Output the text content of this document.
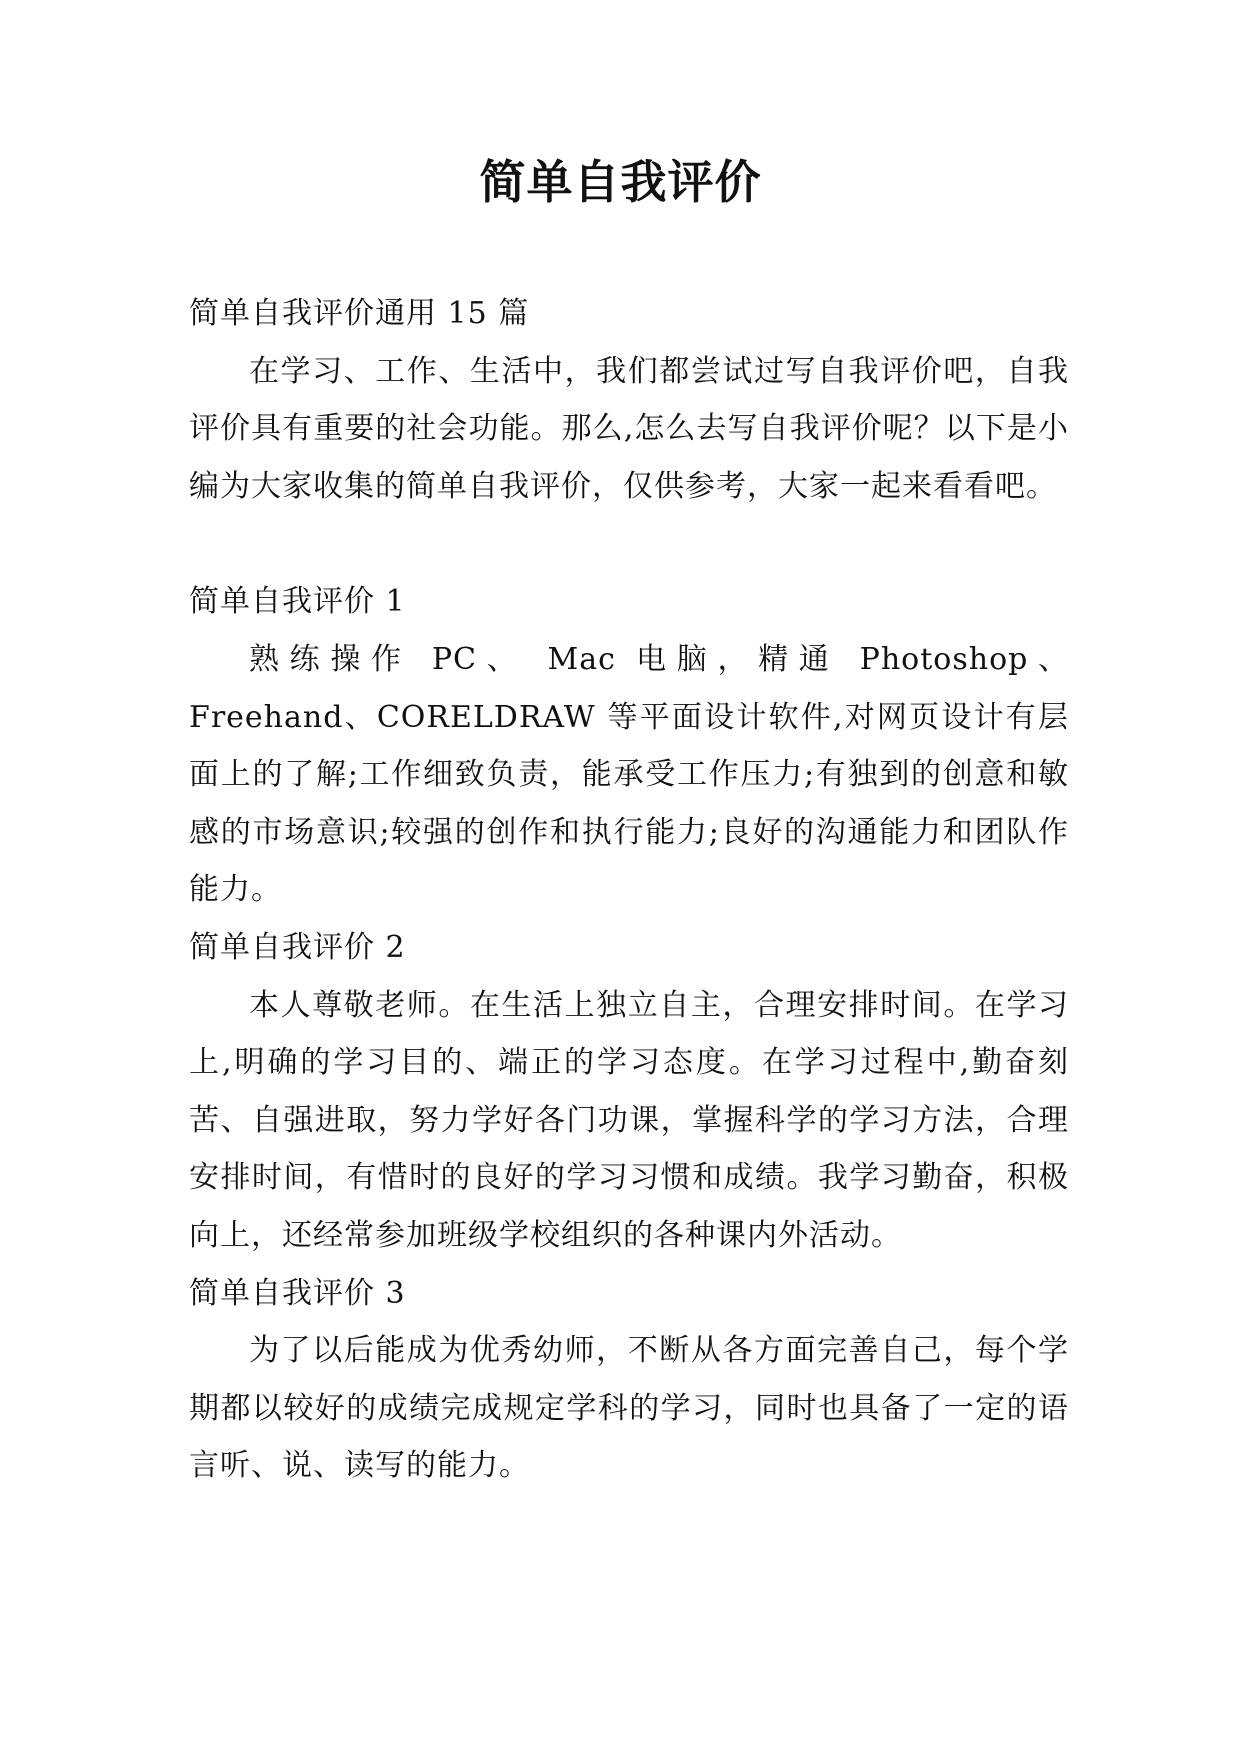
简单自我评价

简单自我评价通用 15 篇

在学习、工作、生活中，我们都尝试过写自我评价吧，自我评价具有重要的社会功能。那么,怎么去写自我评价呢？以下是小编为大家收集的简单自我评价，仅供参考，大家一起来看看吧。

简单自我评价 1

熟练操作 PC、 Mac 电脑，精通 Photoshop、Freehand、CORELDRAW 等平面设计软件,对网页设计有层面上的了解;工作细致负责，能承受工作压力;有独到的创意和敏感的市场意识;较强的创作和执行能力;良好的沟通能力和团队作能力。

简单自我评价 2

本人尊敬老师。在生活上独立自主，合理安排时间。在学习上,明确的学习目的、端正的学习态度。在学习过程中,勤奋刻苦、自强进取，努力学好各门功课，掌握科学的学习方法，合理安排时间，有惜时的良好的学习习惯和成绩。我学习勤奋，积极向上，还经常参加班级学校组织的各种课内外活动。

简单自我评价 3

为了以后能成为优秀幼师，不断从各方面完善自己，每个学期都以较好的成绩完成规定学科的学习，同时也具备了一定的语言听、说、读写的能力。
